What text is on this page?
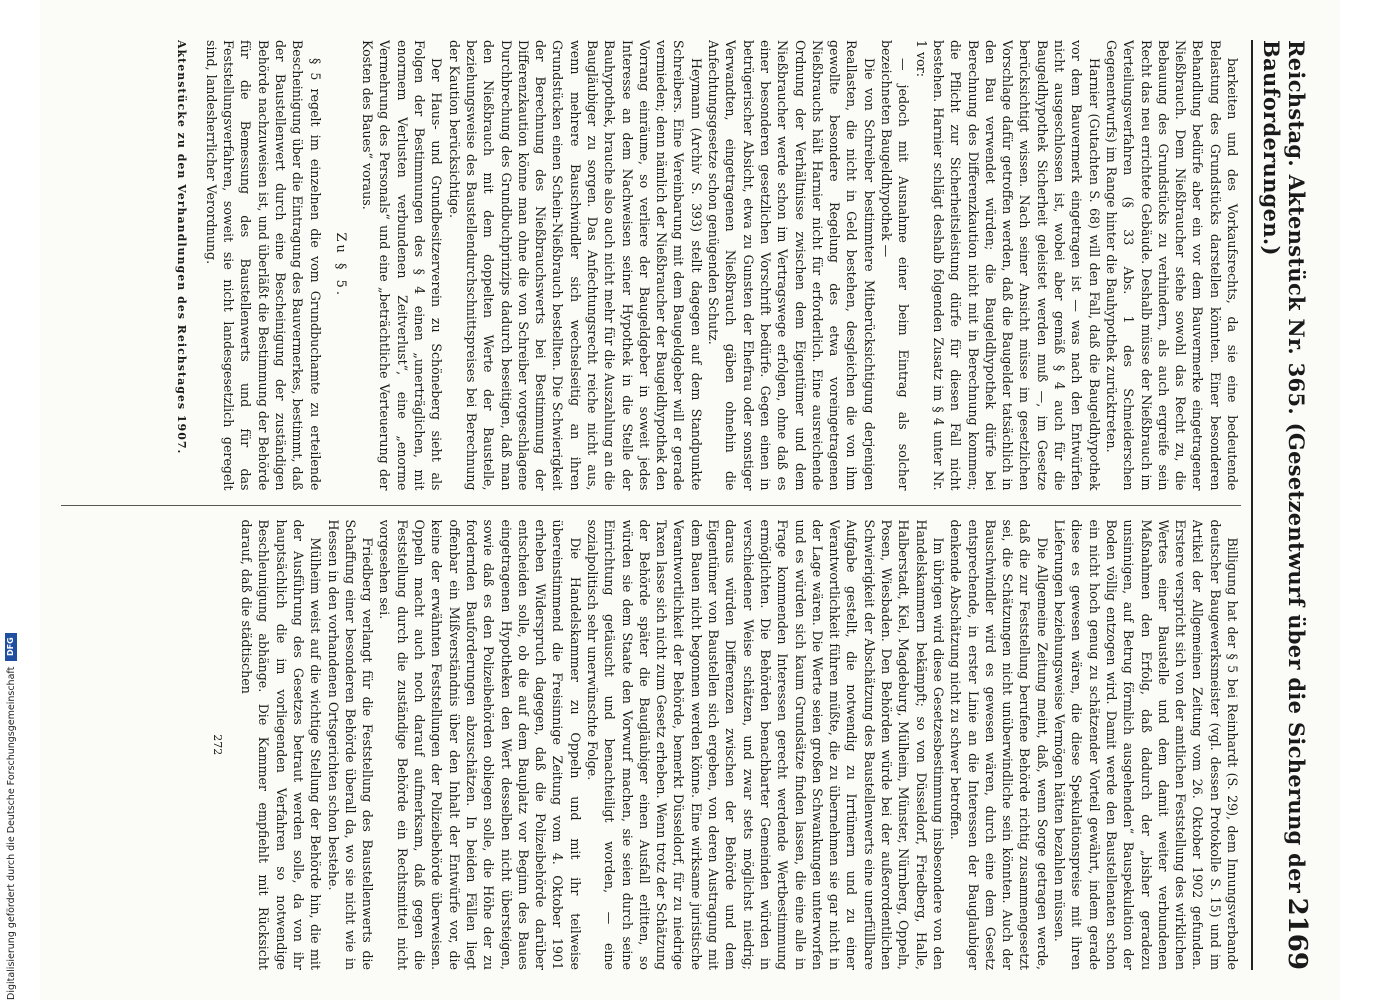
Reichstag. Aktenstück Nr. 365. (Gesetzentwurf über die Sicherung der Bauforderungen.)
2169

barkeiten und des Vorkaufsrechts, da sie eine bedeutende Belastung des Grundstücks darstellen könnten. Einer besonderen Behandlung bedürfe aber ein vor dem Bauvermerke eingetragener Nießbrauch. Dem Nießbraucher stehe sowohl das Recht zu, die Bebauung des Grundstücks zu verhindern, als auch ergreife sein Recht das neu errichtete Gebäude. Deshalb müsse der Nießbrauch im Verteilungsverfahren (§ 33 Abs. 1 des Schneiderschen Gegenentwurfs) im Range hinter die Bauhypothek zurücktreten.

Harnier (Gutachten S. 68) will den Fall, daß die Baugeldhypothek vor dem Bauvermerk eingetragen ist — was nach den Entwürfen nicht ausgeschlossen ist, wobei aber gemäß § 4 auch für die Baugeldhypothek Sicherheit geleistet werden muß —, im Gesetze berücksichtigt wissen. Nach seiner Ansicht müsse im gesetzlichen Vorschlage dafür getroffen werden, daß die Baugelder tatsächlich in den Bau verwendet würden; die Baugeldhypothek dürfe bei Berechnung des Differenzkaution nicht mit in Berechnung kommen; die Pflicht zur Sicherheitsleistung dürfe für diesen Fall nicht bestehen. Harnier schlägt deshalb folgenden Zusatz im § 4 unter Nr. 1 vor:

— jedoch mit Ausnahme einer beim Eintrag als solcher bezeichneten Baugeldhypothek —

Die von Schreiber bestimmtere Mitberücksichtigung derjenigen Reallasten, die nicht in Geld bestehen, desgleichen die von ihm gewollte besondere Regelung des etwa voreingetragenen Nießbrauchs hält Harnier nicht für erforderlich. Eine ausreichende Ordnung der Verhältnisse zwischen dem Eigentümer und dem Nießbraucher werde schon im Vertragswege erfolgen, ohne daß es einer besonderen gesetzlichen Vorschrift bedürfe. Gegen einen in betrügerischer Absicht, etwa zu Gunsten der Ehefrau oder sonstiger Verwandten, eingetragenen Nießbrauch gäben ohnehin die Anfechtungsgesetze schon genügenden Schutz.

Heymann (Archiv S. 393) stellt dagegen auf dem Standpunkte Schreibers. Eine Vereinbarung mit dem Baugeldgeber will er gerade vermieden; denn nämlich der Nießbraucher der Baugeldhypothek den Vorrang einräume, so verliere der Baugeldgeber in soweit jedes Interesse an dem Nachweisen seiner Hypothek in die Stelle der Bauhypothek, brauche also auch nicht mehr für die Auszahlung an die Baugläubiger zu sorgen. Das Anfechtungsrecht reiche nicht aus, wenn mehrere Bauschwindler sich wechselseitig an ihren Grundstücken einen Schein-Nießbrauch bestellten. Die Schwierigkeit der Berechnung des Nießbrauchswerts bei Bestimmung der Differenzkaution könne man ohne die von Schreiber vorgeschlagene Durchbrechung des Grundbuchprinzips dadurch beseitigen, daß man den Nießbrauch mit dem doppelten Werte der Baustelle, beziehungsweise des Baustellendurchschnittspreises bei Berechnung der Kaution berücksichtige.

Der Haus- und Grundbesitzerverein zu Schöneberg sieht als Folgen der Bestimmungen des § 4 einen „unerträglichen, mit enormem Verlusten verbundenen Zeitverlust“, eine „enorme Vermehrung des Personals“ und eine „beträchtliche Verteuerung der Kosten des Baues“ voraus.

Zu § 5.

§ 5 regelt im einzelnen die vom Grundbuchamte zu erteilende Bescheinigung über die Eintragung des Bauvermerkes, bestimmt, daß der Baustellenwert durch eine Bescheinigung der zuständigen Behörde nachzuweisen ist, und überläßt die Bestimmung der Behörde für die Bemessung des Baustellenwerts und für das Feststellungsverfahren, soweit sie nicht landesgesetzlich geregelt sind, landesherrlicher Verordnung.

Aktenstücke zu den Verhandlungen des Reichstages 1907.

Billigung hat der § 5 bei Reinhardt (S. 29), dem Innungsverbande deutscher Baugewerksmeister (vgl. dessen Protokolle S. 15) und im Artikel der Allgemeinen Zeitung vom 26. Oktober 1902 gefunden. Erstere verspricht sich von der amtlichen Feststellung des wirklichen Wertes einer Baustelle und dem damit weiter verbundenen Maßnahmen den Erfolg, daß dadurch der „bisher geradezu unsinnigen, auf Betrug förmlich ausgehenden“ Bauspekulation der Boden völlig entzogen wird. Damit werde den Baustellenaten schon ein nicht hoch genug zu schätzender Vorteil gewährt, indem gerade diese es gewesen wären, die diese Spekulationspreise mit ihren Lieferungen beziehungsweise Vermögen hätten bezahlen müssen.

Die Allgemeine Zeitung meint, daß, wenn Sorge getragen werde, daß die zur Feststellung berufene Behörde richtig zusammengesetzt sei, die Schätzungen nicht unüberwindliche sein könnten. Auch der Bauschwindler wird es gewesen wären, durch eine dem Gesetz entsprechende, in erster Linie an die Interessen der Bauglaubiger denkende Abschätzung nicht zu schwer betroffen.

Im übrigen wird diese Gesetzesbestimmung insbesondere von den Handelskammern bekämpft; so von Düsseldorf, Friedberg, Halle, Halberstadt, Kiel, Magdeburg, Mülheim, Münster, Nürnberg, Oppeln, Posen, Wiesbaden. Den Behörden würde bei der außerordentlichen Schwierigkeit der Abschätzung des Baustellenwerts eine unerfüllbare Aufgabe gestellt, die notwendig zu Irrtümern und zu einer Verantwortlichkeit führen müßte, die zu übernehmen sie gar nicht in der Lage wären. Die Werte seien großen Schwankungen unterworfen und es würden sich kaum Grundsätze finden lassen, die eine alle in Frage kommenden Interessen gerecht werdende Wertbestimmung ermöglichten. Die Behörden benachbarter Gemeinden würden in verschiedener Weise schätzen, und zwar stets möglichst niedrig; daraus würden Differenzen zwischen der Behörde und dem Eigentümer von Baustellen sich ergeben, von deren Austragung mit dem Bauen nicht begonnen werden könne. Eine wirksame juristische Verantwortlichkeit der Behörde, bemerkt Düsseldorf, für zu niedrige Taxen lasse sich nicht zum Gesetz erheben. Wenn trotz der Schätzung der Behörde später die Baugläubiger einen Ausfall erlitten, so würden sie dem Staate den Vorwurf machen, sie seien durch seine Einrichtung getäuscht und benachteiligt worden, — eine sozialpolitisch sehr unerwünschte Folge.

Die Handelskammer zu Oppeln und mit ihr teilweise übereinstimmend die Freisinnige Zeitung vom 4. Oktober 1901 erheben Widerspruch dagegen, daß die Polizeibehörde darüber entscheiden solle, ob die auf dem Bauplatz vor Beginn des Baues eingetragenen Hypotheken den Wert desselben nicht übersteigen, sowie daß es den Polizeibehörden obliegen solle, die Höhe der zu fordernden Bauforderungen abzuschätzen. In beiden Fällen liegt offenbar ein Mißverständnis über den Inhalt der Entwürfe vor, die keine der erwähnten Feststellungen der Polizeibehörde überweisen. Oppeln macht auch noch darauf aufmerksam, daß gegen die Feststellung durch die zuständige Behörde ein Rechtsmittel nicht vorgesehen sei.

Friedberg verlangt für die Feststellung des Baustellenwerts die Schaffung einer besonderen Behörde überall da, wo sie nicht wie in Hessen in den vorhandenen Ortsgerichten schon bestehe.

Mülheim weist auf die wichtige Stellung der Behörde hin, die mit der Ausführung des Gesetzes betraut werden solle, da von ihr hauptsächlich die im vorliegenden Verfahren so notwendige Beschleunigung abhänge. Die Kammer empfiehlt mit Rücksicht darauf, daß die städtischen

272
Digitalisierung gefördert durch die Deutsche Forschungsgemeinschaft
DFG
